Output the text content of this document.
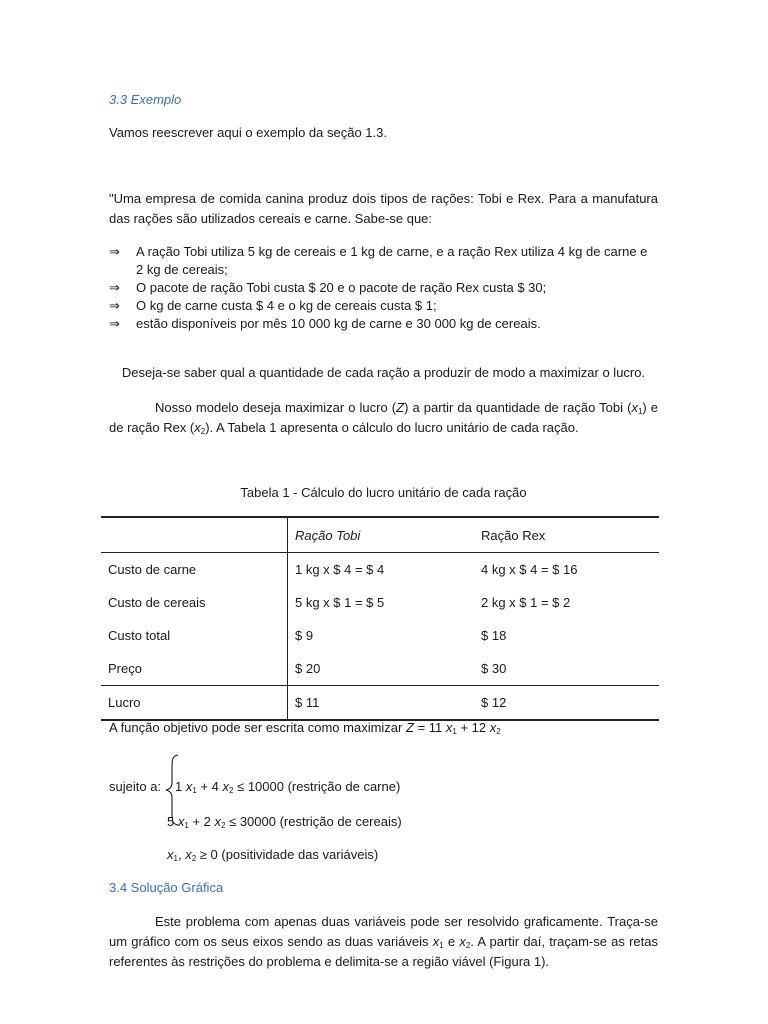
3.3 Exemplo
Vamos reescrever aqui o exemplo da seção 1.3.
"Uma empresa de comida canina produz dois tipos de rações: Tobi e Rex. Para a manufatura
das rações são utilizados cereais e carne. Sabe-se que:
⇒	A ração Tobi utiliza 5 kg de cereais e 1 kg de carne, e a ração Rex utiliza 4 kg de carne e 2 kg de cereais;
⇒	O pacote de ração Tobi custa $ 20 e o pacote de ração Rex custa $ 30;
⇒	O kg de carne custa $ 4 e o kg de cereais custa $ 1;
⇒	estão disponíveis por mês 10 000 kg de carne e 30 000 kg de cereais.
Deseja-se saber qual a quantidade de cada ração a produzir de modo a maximizar o lucro.
Nosso modelo deseja maximizar o lucro (Z) a partir da quantidade de ração Tobi $(x_1)$ e
de ração Rex $(x_2)$. A Tabela 1 apresenta o cálculo do lucro unitário de cada ração.
Tabela 1 - Cálculo do lucro unitário de cada ração
	Ração Tobi	Ração Rex
Custo de carne	1 kg x $ 4 = $ 4	4 kg x $ 4 = $ 16
Custo de cereais	5 kg x $ 1 = $ 5	2 kg x $ 1 = $ 2
Custo total	$ 9	$ 18
Preço	$ 20	$ 30
Lucro	$ 11	$ 12
A função objetivo pode ser escrita como maximizar Z = 11 $x_1 + 12$ $x_2$
sujeito a: 1 $x_1 + 4$ $x_2 \le 10000$ (restrição de carne)
5 $x_1 + 2$ $x_2 \le 30000$ (restrição de cereais)
$x_1$, $x_2 \ge 0$ (positividade das variáveis)
3.4 Solução Gráfica
Este problema com apenas duas variáveis pode ser resolvido graficamente. Traça-se
um gráfico com os seus eixos sendo as duas variáveis $x_1$ e $x_2$. A partir daí, traçam-se as retas
referentes às restrições do problema e delimita-se a região viável (Figura 1).
